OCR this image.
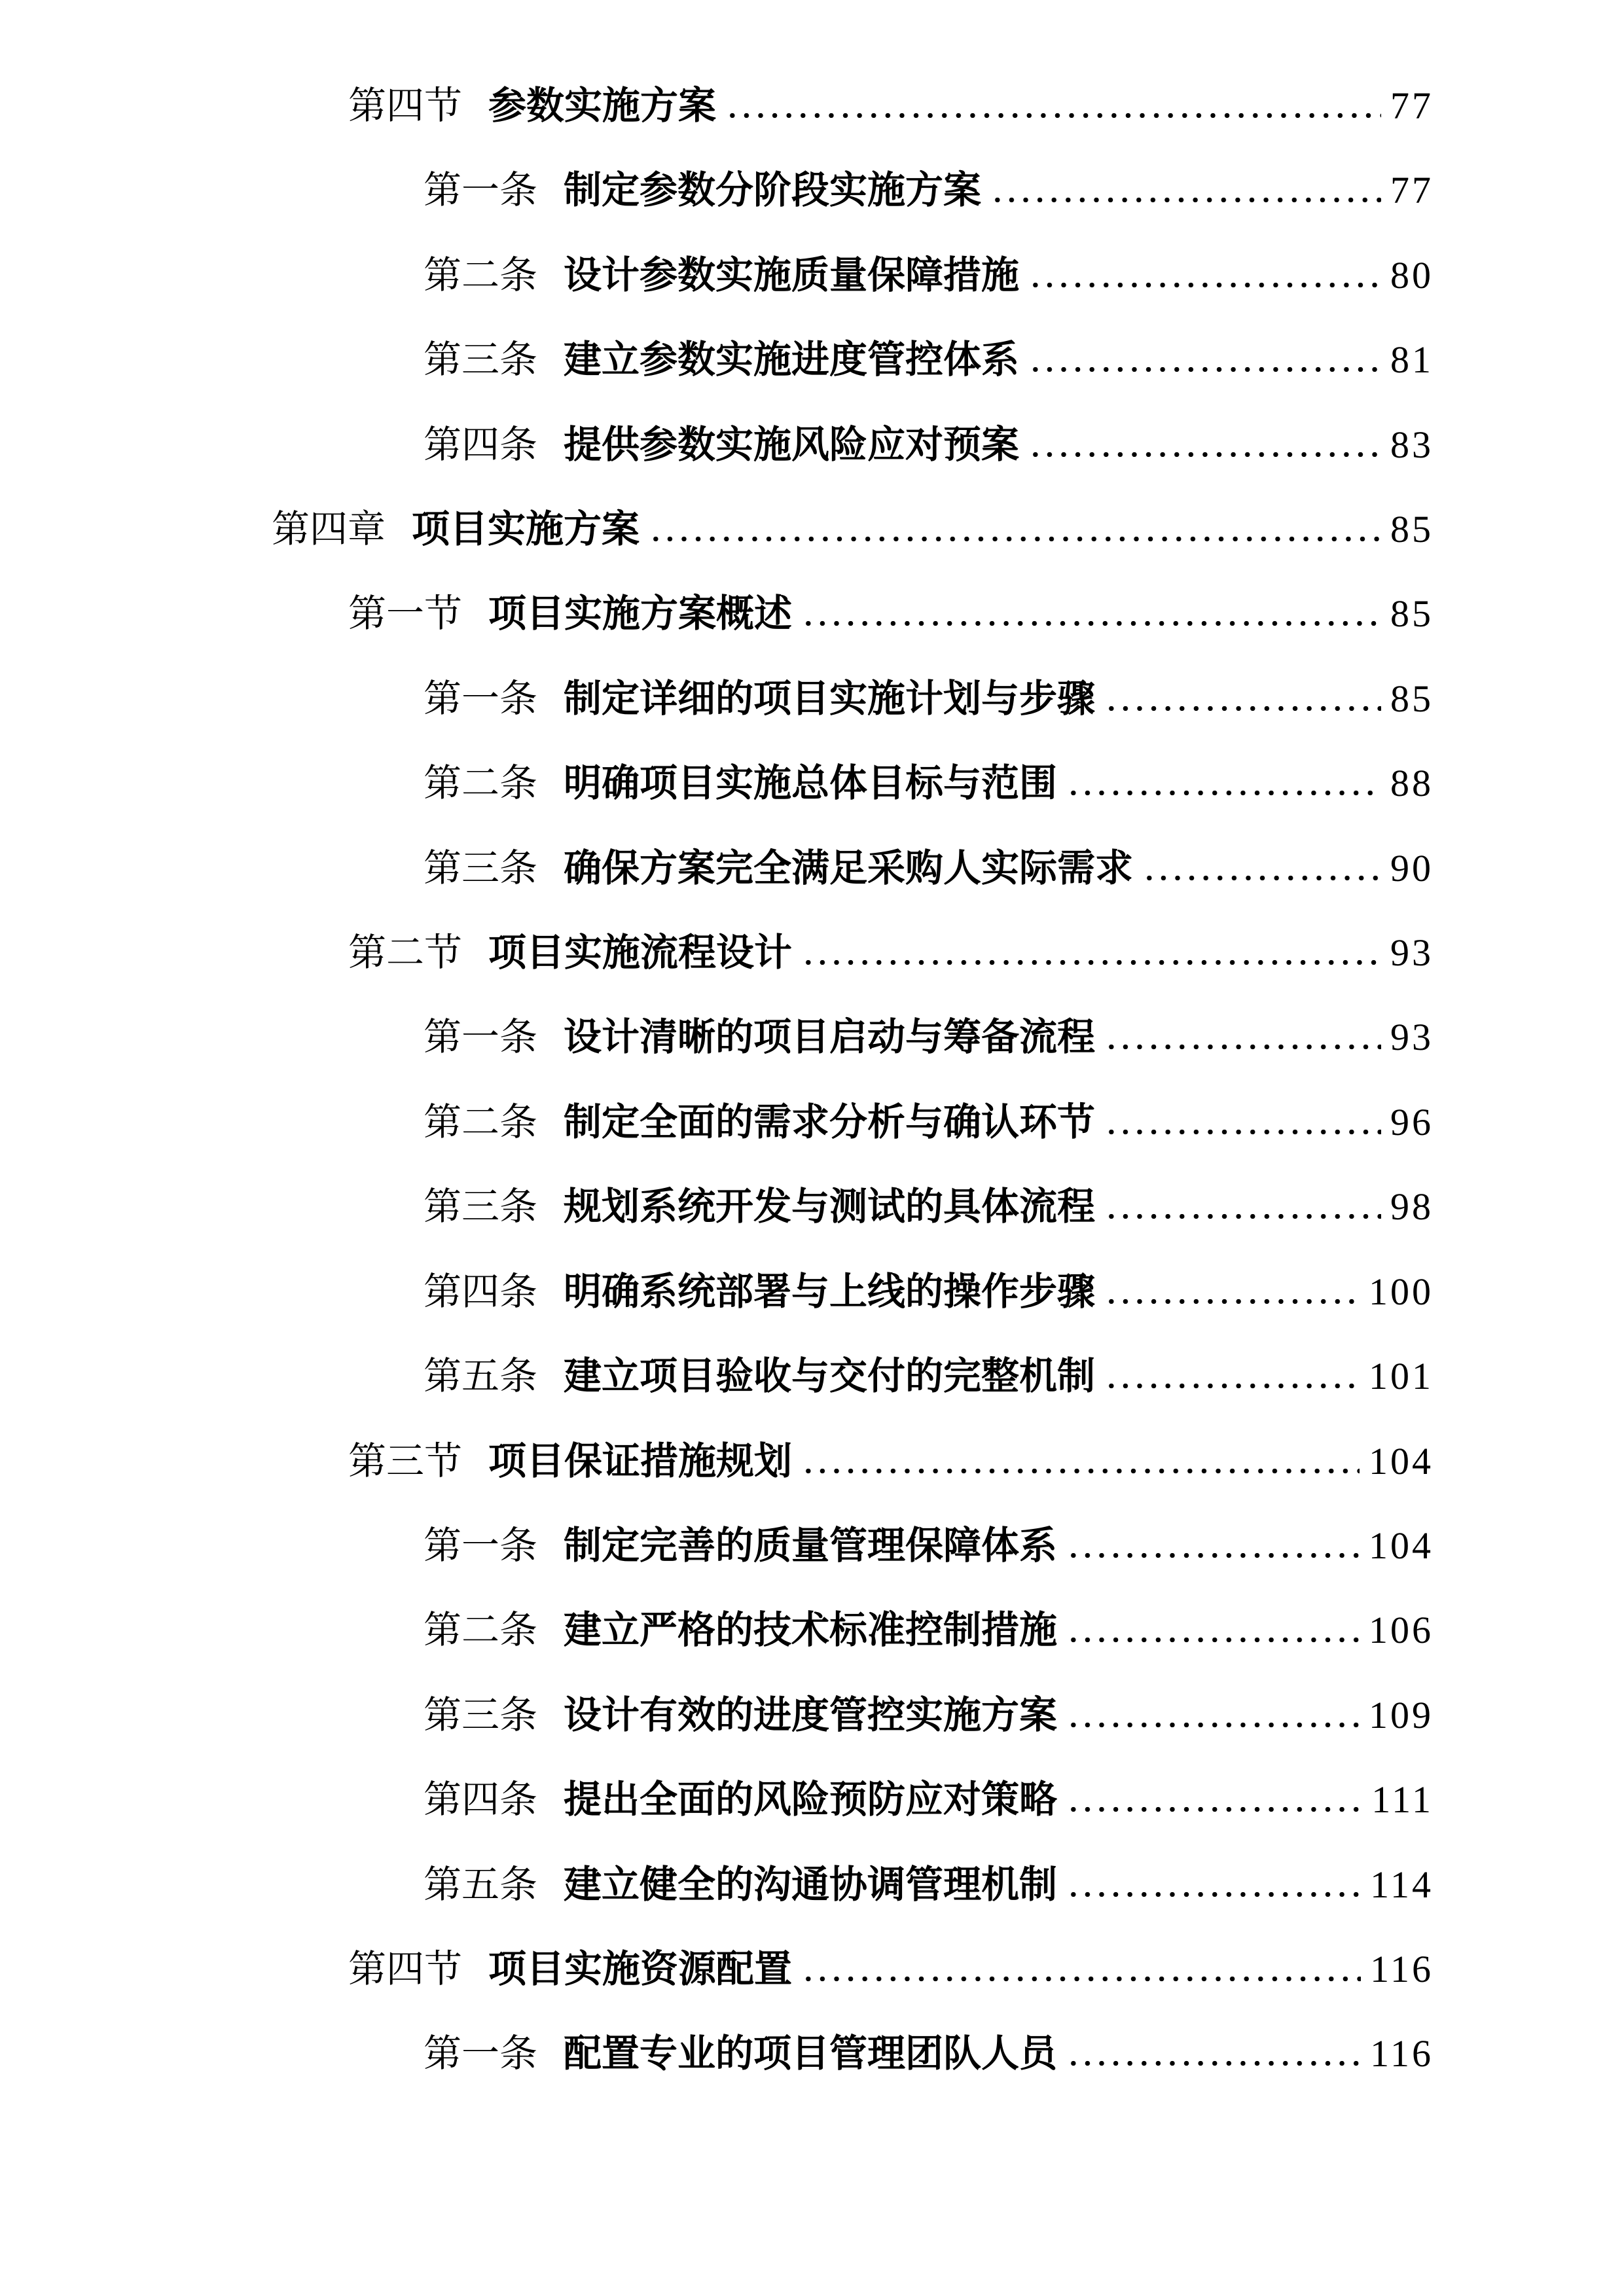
第四节 参数实施方案	77
第一条 制定参数分阶段实施方案	77
第二条 设计参数实施质量保障措施	80
第三条 建立参数实施进度管控体系	81
第四条 提供参数实施风险应对预案	83
第四章 项目实施方案	85
第一节 项目实施方案概述	85
第一条 制定详细的项目实施计划与步骤	85
第二条 明确项目实施总体目标与范围	88
第三条 确保方案完全满足采购人实际需求	90
第二节 项目实施流程设计	93
第一条 设计清晰的项目启动与筹备流程	93
第二条 制定全面的需求分析与确认环节	96
第三条 规划系统开发与测试的具体流程	98
第四条 明确系统部署与上线的操作步骤	100
第五条 建立项目验收与交付的完整机制	101
第三节 项目保证措施规划	104
第一条 制定完善的质量管理保障体系	104
第二条 建立严格的技术标准控制措施	106
第三条 设计有效的进度管控实施方案	109
第四条 提出全面的风险预防应对策略	111
第五条 建立健全的沟通协调管理机制	114
第四节 项目实施资源配置	116
第一条 配置专业的项目管理团队人员	116
